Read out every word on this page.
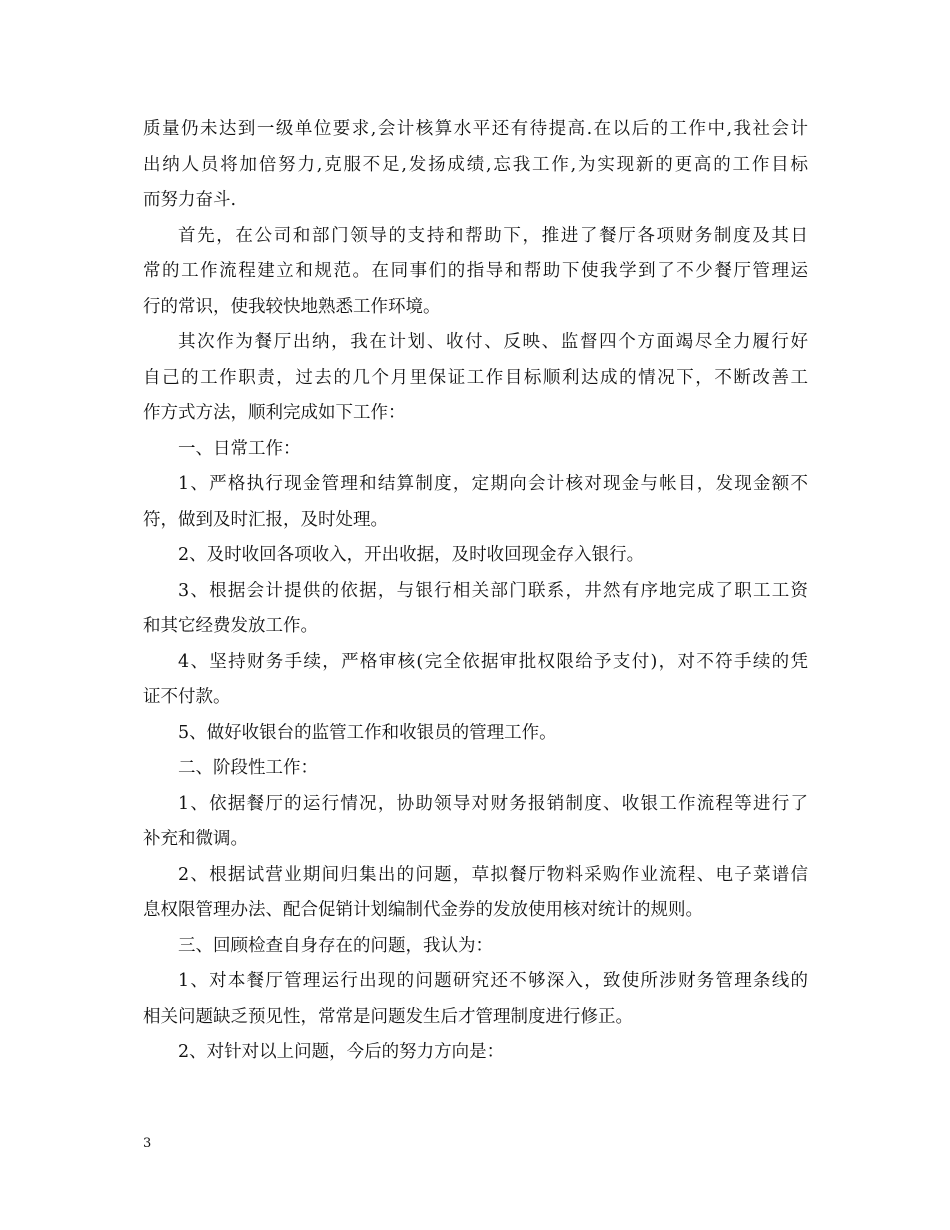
质量仍未达到一级单位要求,会计核算水平还有待提高.在以后的工作中,我社会计
出纳人员将加倍努力,克服不足,发扬成绩,忘我工作,为实现新的更高的工作目标
而努力奋斗.
首先，在公司和部门领导的支持和帮助下，推进了餐厅各项财务制度及其日
常的工作流程建立和规范。在同事们的指导和帮助下使我学到了不少餐厅管理运
行的常识，使我较快地熟悉工作环境。
其次作为餐厅出纳，我在计划、收付、反映、监督四个方面竭尽全力履行好
自己的工作职责，过去的几个月里保证工作目标顺利达成的情况下，不断改善工
作方式方法，顺利完成如下工作：
一、日常工作：
1、严格执行现金管理和结算制度，定期向会计核对现金与帐目，发现金额不
符，做到及时汇报，及时处理。
2、及时收回各项收入，开出收据，及时收回现金存入银行。
3、根据会计提供的依据，与银行相关部门联系，井然有序地完成了职工工资
和其它经费发放工作。
4、坚持财务手续，严格审核(完全依据审批权限给予支付)，对不符手续的凭
证不付款。
5、做好收银台的监管工作和收银员的管理工作。
二、阶段性工作：
1、依据餐厅的运行情况，协助领导对财务报销制度、收银工作流程等进行了
补充和微调。
2、根据试营业期间归集出的问题，草拟餐厅物料采购作业流程、电子菜谱信
息权限管理办法、配合促销计划编制代金券的发放使用核对统计的规则。
三、回顾检查自身存在的问题，我认为：
1、对本餐厅管理运行出现的问题研究还不够深入，致使所涉财务管理条线的
相关问题缺乏预见性，常常是问题发生后才管理制度进行修正。
2、对针对以上问题，今后的努力方向是：
3
